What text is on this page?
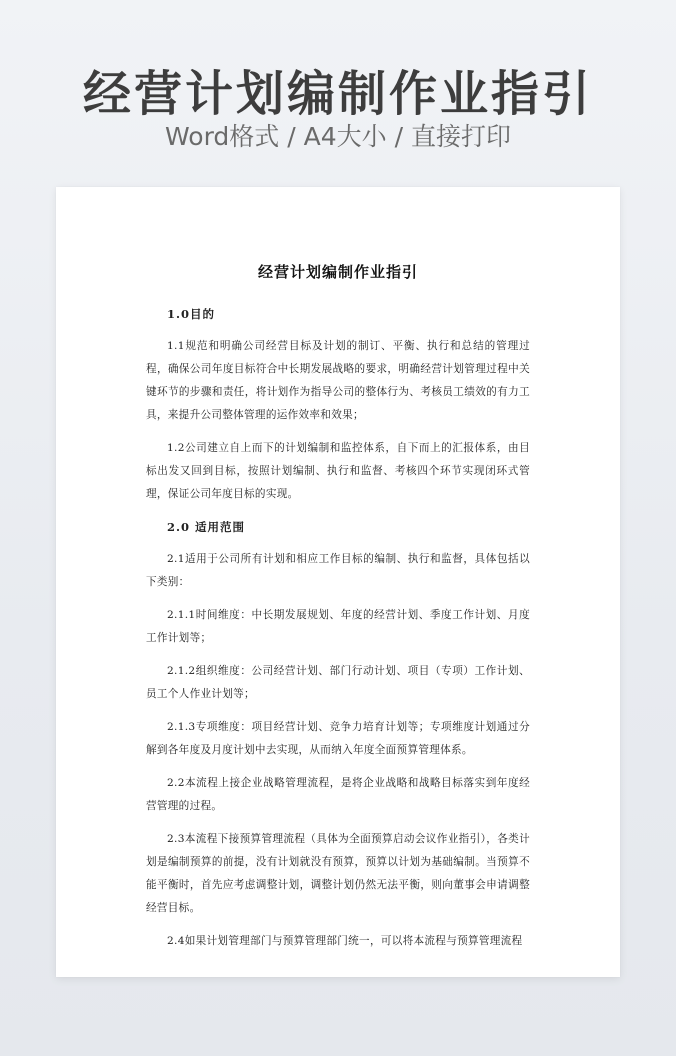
经营计划编制作业指引
Word格式 / A4大小 / 直接打印
经营计划编制作业指引
1.0目的
1.1规范和明确公司经营目标及计划的制订、平衡、执行和总结的管理过程，确保公司年度目标符合中长期发展战略的要求，明确经营计划管理过程中关键环节的步骤和责任，将计划作为指导公司的整体行为、考核员工绩效的有力工具，来提升公司整体管理的运作效率和效果；
1.2公司建立自上而下的计划编制和监控体系，自下而上的汇报体系，由目标出发又回到目标，按照计划编制、执行和监督、考核四个环节实现闭环式管理，保证公司年度目标的实现。
2.0 适用范围
2.1适用于公司所有计划和相应工作目标的编制、执行和监督，具体包括以下类别：
2.1.1时间维度：中长期发展规划、年度的经营计划、季度工作计划、月度工作计划等；
2.1.2组织维度：公司经营计划、部门行动计划、项目（专项）工作计划、员工个人作业计划等；
2.1.3专项维度：项目经营计划、竞争力培育计划等；专项维度计划通过分解到各年度及月度计划中去实现，从而纳入年度全面预算管理体系。
2.2本流程上接企业战略管理流程，是将企业战略和战略目标落实到年度经营管理的过程。
2.3本流程下接预算管理流程（具体为全面预算启动会议作业指引），各类计划是编制预算的前提，没有计划就没有预算，预算以计划为基础编制。当预算不能平衡时，首先应考虑调整计划，调整计划仍然无法平衡，则向董事会申请调整经营目标。
2.4如果计划管理部门与预算管理部门统一，可以将本流程与预算管理流程
